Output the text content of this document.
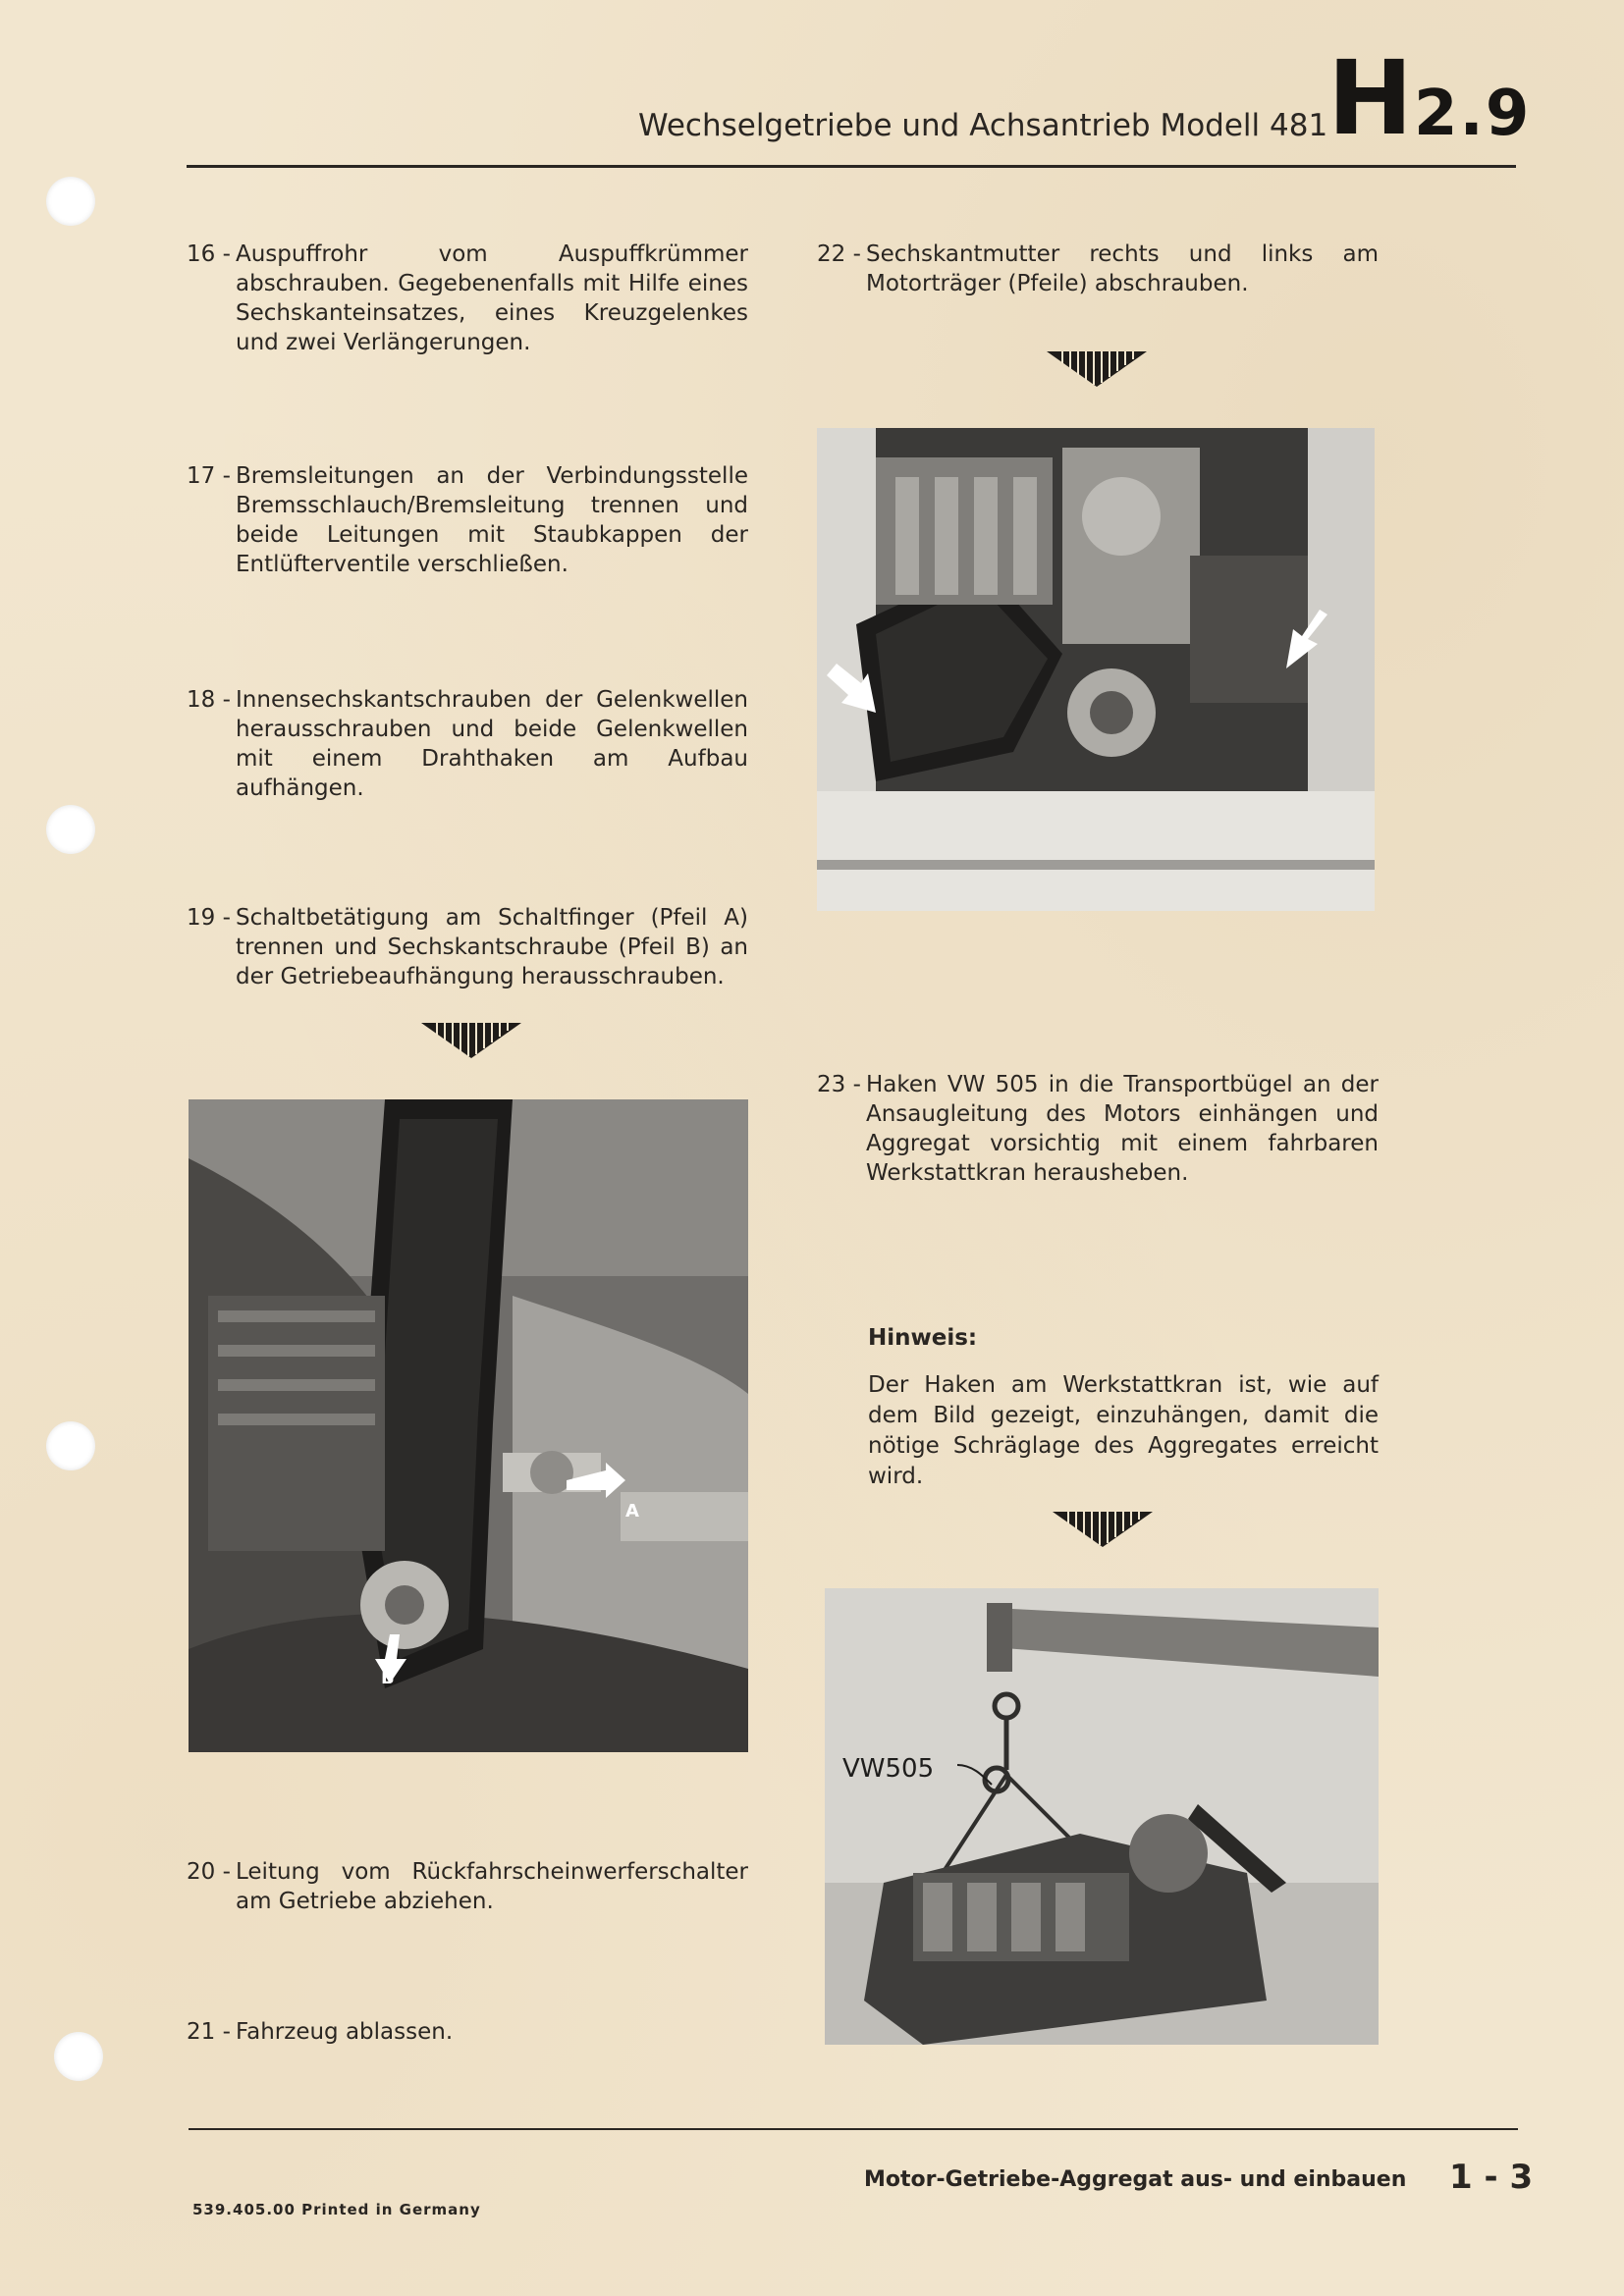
Wechselgetriebe und Achsantrieb Modell 481 H 2.9
16 - Auspuffrohr vom Auspuffkrümmer abschrauben. Gegebenenfalls mit Hilfe eines Sechskanteinsatzes, eines Kreuzgelenkes und zwei Verlängerungen.
17 - Bremsleitungen an der Verbindungsstelle Bremsschlauch/Bremsleitung trennen und beide Leitungen mit Staubkappen der Entlüfterventile verschließen.
18 - Innensechskantschrauben der Gelenkwellen herausschrauben und beide Gelenkwellen mit einem Drahthaken am Aufbau aufhängen.
19 - Schaltbetätigung am Schaltfinger (Pfeil A) trennen und Sechskantschraube (Pfeil B) an der Getriebeaufhängung herausschrauben.
A
B
20 - Leitung vom Rückfahrscheinwerferschalter am Getriebe abziehen.
21 - Fahrzeug ablassen.
22 - Sechskantmutter rechts und links am Motorträger (Pfeile) abschrauben.
23 - Haken VW 505 in die Transportbügel an der Ansaugleitung des Motors einhängen und Aggregat vorsichtig mit einem fahrbaren Werkstattkran herausheben.
Hinweis:
Der Haken am Werkstattkran ist, wie auf dem Bild gezeigt, einzuhängen, damit die nötige Schräglage des Aggregates erreicht wird.
VW505
Motor-Getriebe-Aggregat aus- und einbauen 1 - 3
539.405.00 Printed in Germany
